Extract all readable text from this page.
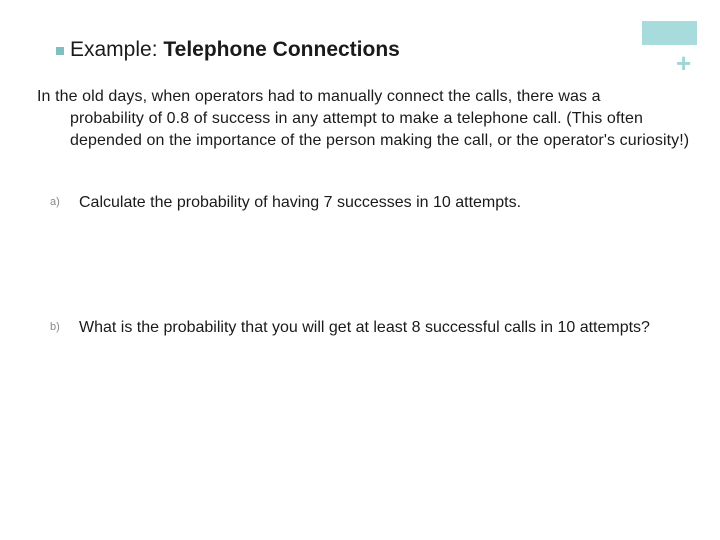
+
Example: Telephone Connections
In the old days, when operators had to manually connect the calls, there was a
probability of 0.8 of success in any attempt to make a telephone call. (This often depended on the importance of the person making the call, or the operator's curiosity!)
a)	Calculate the probability of having 7 successes in 10 attempts.
b)	What is the probability that you will get at least 8 successful calls in 10 attempts?
